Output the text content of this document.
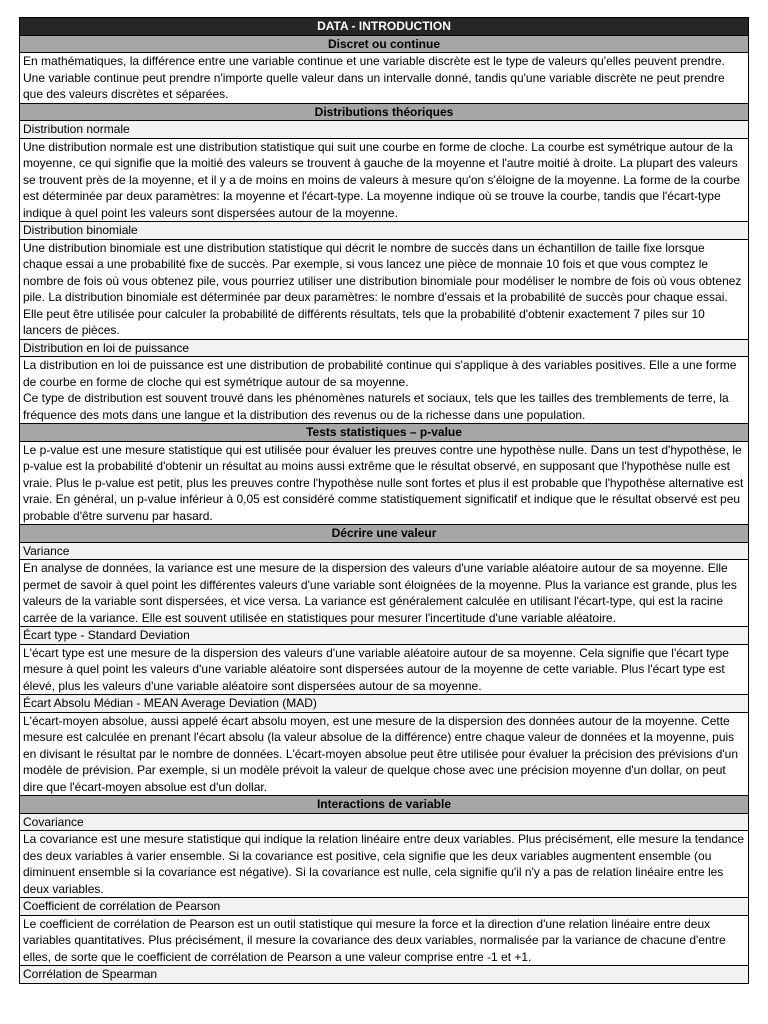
DATA - INTRODUCTION
Discret ou continue
En mathématiques, la différence entre une variable continue et une variable discrète est le type de valeurs qu'elles peuvent prendre. Une variable continue peut prendre n'importe quelle valeur dans un intervalle donné, tandis qu'une variable discrète ne peut prendre que des valeurs discrètes et séparées.
Distributions théoriques
Distribution normale
Une distribution normale est une distribution statistique qui suit une courbe en forme de cloche. La courbe est symétrique autour de la moyenne, ce qui signifie que la moitié des valeurs se trouvent à gauche de la moyenne et l'autre moitié à droite. La plupart des valeurs se trouvent près de la moyenne, et il y a de moins en moins de valeurs à mesure qu'on s'éloigne de la moyenne. La forme de la courbe est déterminée par deux paramètres: la moyenne et l'écart-type. La moyenne indique où se trouve la courbe, tandis que l'écart-type indique à quel point les valeurs sont dispersées autour de la moyenne.
Distribution binomiale
Une distribution binomiale est une distribution statistique qui décrit le nombre de succès dans un échantillon de taille fixe lorsque chaque essai a une probabilité fixe de succès. Par exemple, si vous lancez une pièce de monnaie 10 fois et que vous comptez le nombre de fois où vous obtenez pile, vous pourriez utiliser une distribution binomiale pour modéliser le nombre de fois où vous obtenez pile. La distribution binomiale est déterminée par deux paramètres: le nombre d'essais et la probabilité de succès pour chaque essai. Elle peut être utilisée pour calculer la probabilité de différents résultats, tels que la probabilité d'obtenir exactement 7 piles sur 10 lancers de pièces.
Distribution en loi de puissance
La distribution en loi de puissance est une distribution de probabilité continue qui s'applique à des variables positives. Elle a une forme de courbe en forme de cloche qui est symétrique autour de sa moyenne.
Ce type de distribution est souvent trouvé dans les phénomènes naturels et sociaux, tels que les tailles des tremblements de terre, la fréquence des mots dans une langue et la distribution des revenus ou de la richesse dans une population.
Tests statistiques – p-value
Le p-value est une mesure statistique qui est utilisée pour évaluer les preuves contre une hypothèse nulle. Dans un test d'hypothèse, le p-value est la probabilité d'obtenir un résultat au moins aussi extrême que le résultat observé, en supposant que l'hypothèse nulle est vraie. Plus le p-value est petit, plus les preuves contre l'hypothèse nulle sont fortes et plus il est probable que l'hypothèse alternative est vraie. En général, un p-value inférieur à 0,05 est considéré comme statistiquement significatif et indique que le résultat observé est peu probable d'être survenu par hasard.
Décrire une valeur
Variance
En analyse de données, la variance est une mesure de la dispersion des valeurs d'une variable aléatoire autour de sa moyenne. Elle permet de savoir à quel point les différentes valeurs d'une variable sont éloignées de la moyenne. Plus la variance est grande, plus les valeurs de la variable sont dispersées, et vice versa. La variance est généralement calculée en utilisant l'écart-type, qui est la racine carrée de la variance. Elle est souvent utilisée en statistiques pour mesurer l'incertitude d'une variable aléatoire.
Écart type - Standard Deviation
L'écart type est une mesure de la dispersion des valeurs d'une variable aléatoire autour de sa moyenne. Cela signifie que l'écart type mesure à quel point les valeurs d'une variable aléatoire sont dispersées autour de la moyenne de cette variable. Plus l'écart type est élevé, plus les valeurs d'une variable aléatoire sont dispersées autour de sa moyenne.
Écart Absolu Médian - MEAN Average Deviation (MAD)
L'écart-moyen absolue, aussi appelé écart absolu moyen, est une mesure de la dispersion des données autour de la moyenne. Cette mesure est calculée en prenant l'écart absolu (la valeur absolue de la différence) entre chaque valeur de données et la moyenne, puis en divisant le résultat par le nombre de données. L'écart-moyen absolue peut être utilisée pour évaluer la précision des prévisions d'un modèle de prévision. Par exemple, si un modèle prévoit la valeur de quelque chose avec une précision moyenne d'un dollar, on peut dire que l'écart-moyen absolue est d'un dollar.
Interactions de variable
Covariance
La covariance est une mesure statistique qui indique la relation linéaire entre deux variables. Plus précisément, elle mesure la tendance des deux variables à varier ensemble. Si la covariance est positive, cela signifie que les deux variables augmentent ensemble (ou diminuent ensemble si la covariance est négative). Si la covariance est nulle, cela signifie qu'il n'y a pas de relation linéaire entre les deux variables.
Coefficient de corrélation de Pearson
Le coefficient de corrélation de Pearson est un outil statistique qui mesure la force et la direction d'une relation linéaire entre deux variables quantitatives. Plus précisément, il mesure la covariance des deux variables, normalisée par la variance de chacune d'entre elles, de sorte que le coefficient de corrélation de Pearson a une valeur comprise entre -1 et +1.
Corrélation de Spearman
